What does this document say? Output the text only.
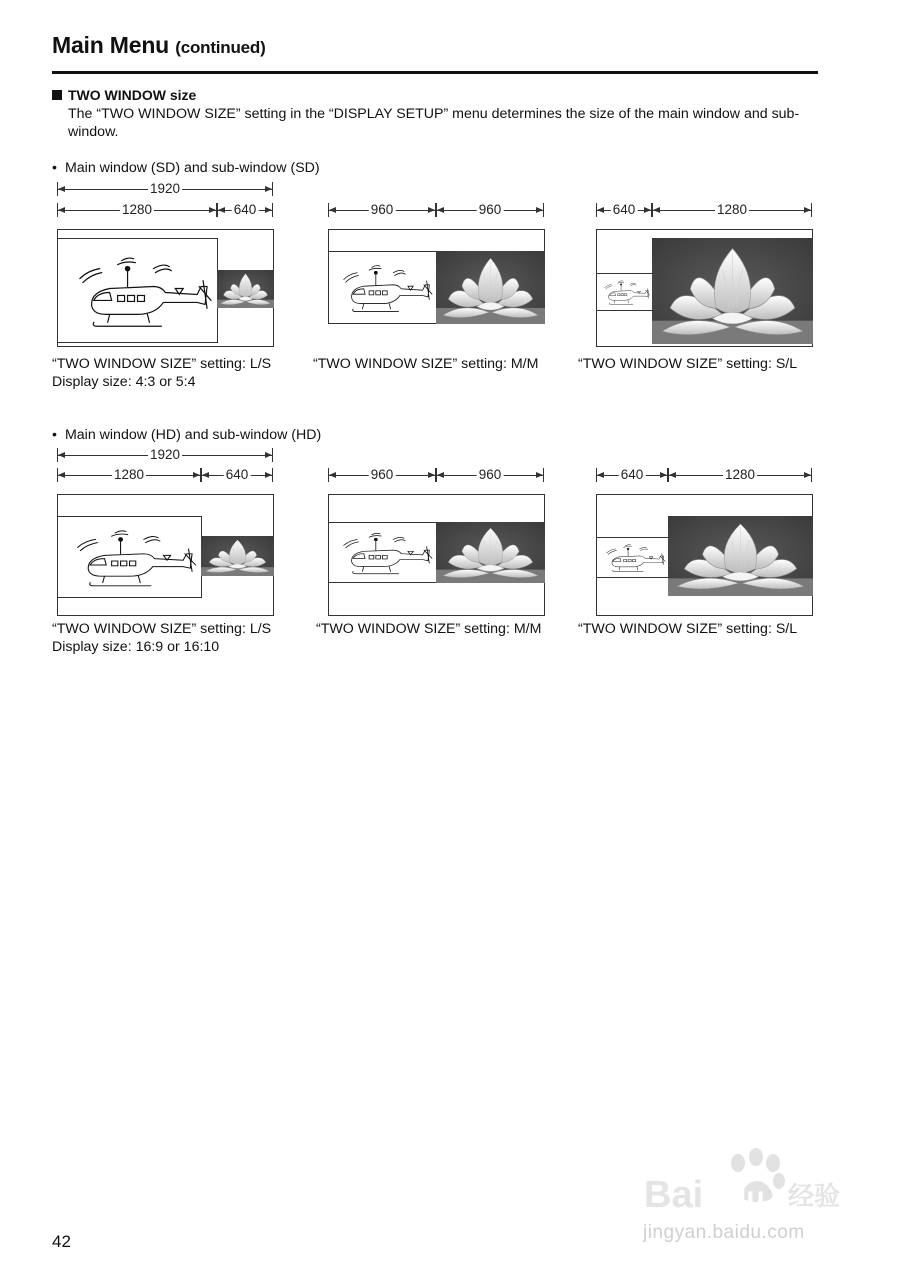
Main Menu (continued)
TWO WINDOW size
The “TWO WINDOW SIZE” setting in the “DISPLAY SETUP” menu determines the size of the main window and sub-window.
• Main window (SD) and sub-window (SD)
1920
1280	640	960	960	640	1280
“TWO WINDOW SIZE” setting: L/S
Display size: 4:3 or 5:4
“TWO WINDOW SIZE” setting: M/M	“TWO WINDOW SIZE” setting: S/L
• Main window (HD) and sub-window (HD)
1920
1280	640	960	960	640	1280
“TWO WINDOW SIZE” setting: L/S
Display size: 16:9 or 16:10
“TWO WINDOW SIZE” setting: M/M	“TWO WINDOW SIZE” setting: S/L
42
Bai du 经验
jingyan.baidu.com
